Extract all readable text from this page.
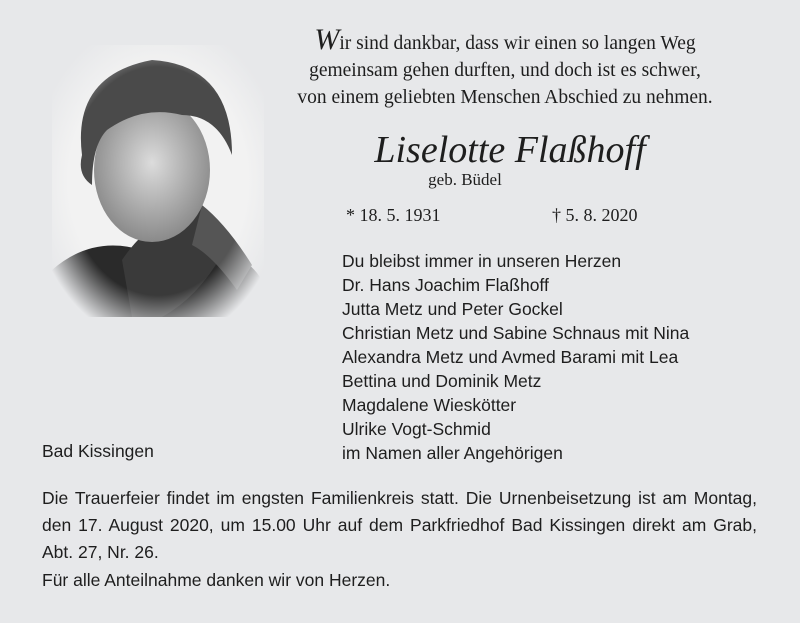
Wir sind dankbar, dass wir einen so langen Weg
gemeinsam gehen durften, und doch ist es schwer,
von einem geliebten Menschen Abschied zu nehmen.
Liselotte Flaßhoff
geb. Büdel
* 18. 5. 1931	† 5. 8. 2020
Du bleibst immer in unseren Herzen
Dr. Hans Joachim Flaßhoff
Jutta Metz und Peter Gockel
Christian Metz und Sabine Schnaus mit Nina
Alexandra Metz und Avmed Barami mit Lea
Bettina und Dominik Metz
Magdalene Wieskötter
Ulrike Vogt-Schmid
im Namen aller Angehörigen
Bad Kissingen
Die Trauerfeier findet im engsten Familienkreis statt. Die Urnenbeisetzung ist am Montag, den 17. August 2020, um 15.00 Uhr auf dem Parkfriedhof Bad Kissingen direkt am Grab, Abt. 27, Nr. 26.
Für alle Anteilnahme danken wir von Herzen.
